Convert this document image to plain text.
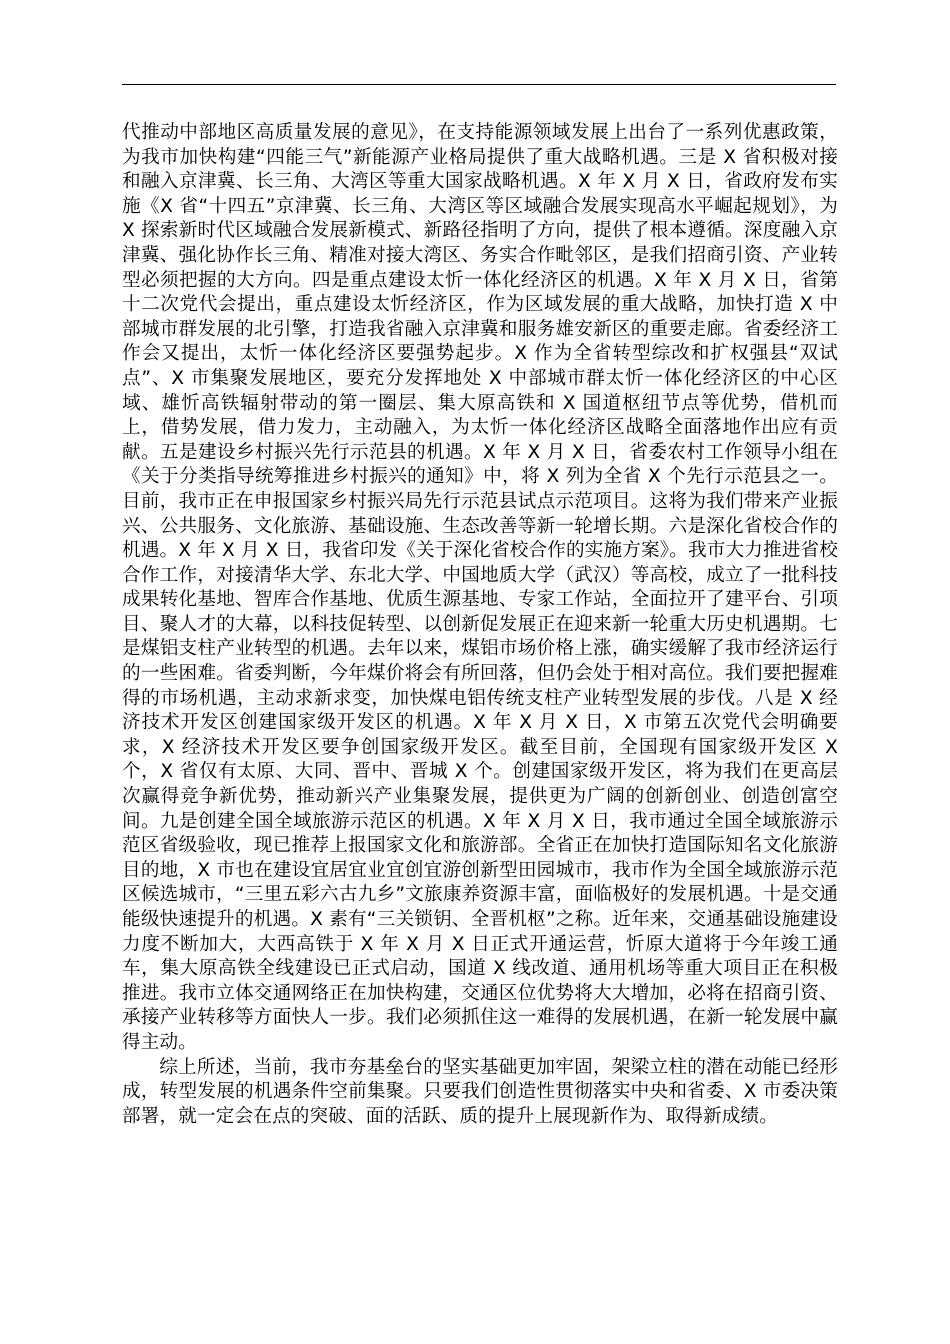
代推动中部地区高质量发展的意见》，在支持能源领域发展上出台了一系列优惠政策，为我市加快构建“四能三气”新能源产业格局提供了重大战略机遇。三是 X 省积极对接和融入京津冀、长三角、大湾区等重大国家战略机遇。X 年 X 月 X 日，省政府发布实施《X 省“十四五”京津冀、长三角、大湾区等区域融合发展实现高水平崛起规划》，为 X 探索新时代区域融合发展新模式、新路径指明了方向，提供了根本遵循。深度融入京津冀、强化协作长三角、精准对接大湾区、务实合作毗邻区，是我们招商引资、产业转型必须把握的大方向。四是重点建设太忻一体化经济区的机遇。X 年 X 月 X 日，省第十二次党代会提出，重点建设太忻经济区，作为区域发展的重大战略，加快打造 X 中部城市群发展的北引擎，打造我省融入京津冀和服务雄安新区的重要走廊。省委经济工作会又提出，太忻一体化经济区要强势起步。X 作为全省转型综改和扩权强县“双试点”、X 市集聚发展地区，要充分发挥地处 X 中部城市群太忻一体化经济区的中心区域、雄忻高铁辐射带动的第一圈层、集大原高铁和 X 国道枢纽节点等优势，借机而上，借势发展，借力发力，主动融入，为太忻一体化经济区战略全面落地作出应有贡献。五是建设乡村振兴先行示范县的机遇。X 年 X 月 X 日，省委农村工作领导小组在《关于分类指导统筹推进乡村振兴的通知》中，将 X 列为全省 X 个先行示范县之一。目前，我市正在申报国家乡村振兴局先行示范县试点示范项目。这将为我们带来产业振兴、公共服务、文化旅游、基础设施、生态改善等新一轮增长期。六是深化省校合作的机遇。X 年 X 月 X 日，我省印发《关于深化省校合作的实施方案》。我市大力推进省校合作工作，对接清华大学、东北大学、中国地质大学（武汉）等高校，成立了一批科技成果转化基地、智库合作基地、优质生源基地、专家工作站，全面拉开了建平台、引项目、聚人才的大幕，以科技促转型、以创新促发展正在迎来新一轮重大历史机遇期。七是煤铝支柱产业转型的机遇。去年以来，煤铝市场价格上涨，确实缓解了我市经济运行的一些困难。省委判断，今年煤价将会有所回落，但仍会处于相对高位。我们要把握难得的市场机遇，主动求新求变，加快煤电铝传统支柱产业转型发展的步伐。八是 X 经济技术开发区创建国家级开发区的机遇。X 年 X 月 X 日，X 市第五次党代会明确要求，X 经济技术开发区要争创国家级开发区。截至目前，全国现有国家级开发区 X 个，X 省仅有太原、大同、晋中、晋城 X 个。创建国家级开发区，将为我们在更高层次赢得竞争新优势，推动新兴产业集聚发展，提供更为广阔的创新创业、创造创富空间。九是创建全国全域旅游示范区的机遇。X 年 X 月 X 日，我市通过全国全域旅游示范区省级验收，现已推荐上报国家文化和旅游部。全省正在加快打造国际知名文化旅游目的地，X 市也在建设宜居宜业宜创宜游创新型田园城市，我市作为全国全域旅游示范区候选城市，“三里五彩六古九乡”文旅康养资源丰富，面临极好的发展机遇。十是交通能级快速提升的机遇。X 素有“三关锁钥、全晋机枢”之称。近年来，交通基础设施建设力度不断加大，大西高铁于 X 年 X 月 X 日正式开通运营，忻原大道将于今年竣工通车，集大原高铁全线建设已正式启动，国道 X 线改道、通用机场等重大项目正在积极推进。我市立体交通网络正在加快构建，交通区位优势将大大增加，必将在招商引资、承接产业转移等方面快人一步。我们必须抓住这一难得的发展机遇，在新一轮发展中赢得主动。

综上所述，当前，我市夯基垒台的坚实基础更加牢固，架梁立柱的潜在动能已经形成，转型发展的机遇条件空前集聚。只要我们创造性贯彻落实中央和省委、X 市委决策部署，就一定会在点的突破、面的活跃、质的提升上展现新作为、取得新成绩。
